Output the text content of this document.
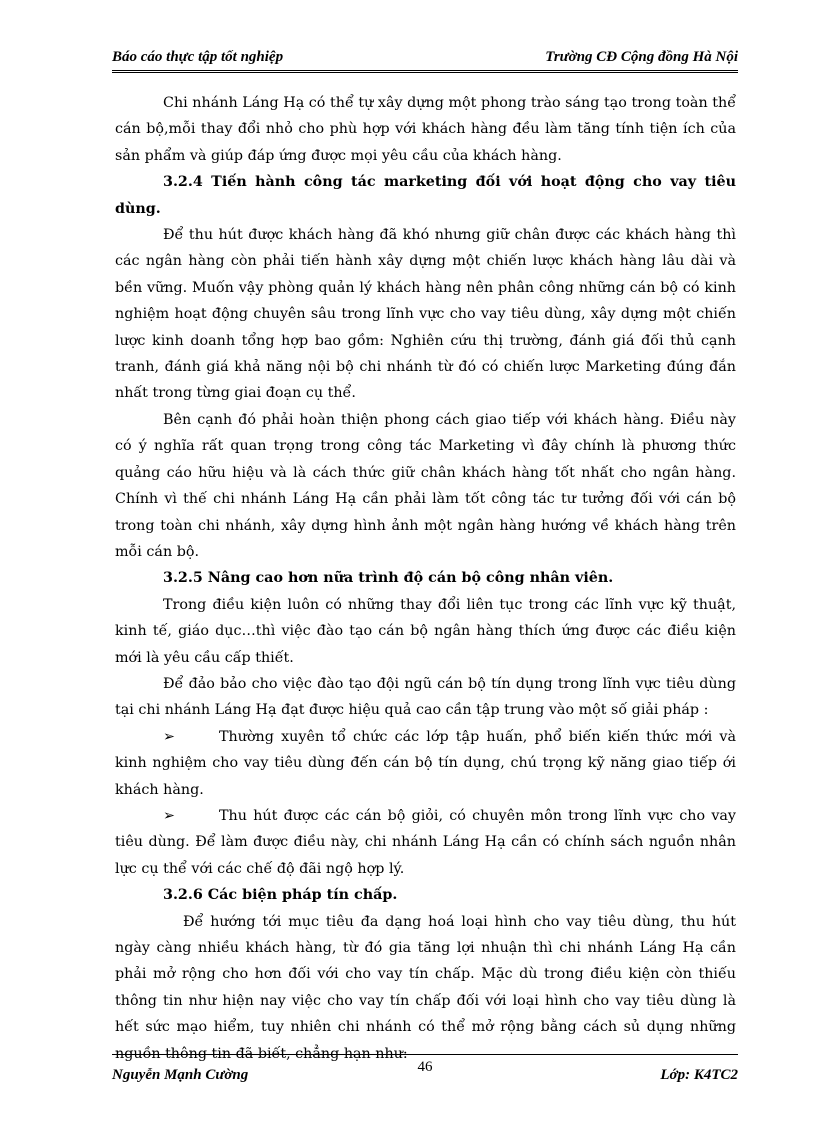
Báo cáo thực tập tốt nghiệp	Trường CĐ Cộng đồng Hà Nội

Chi nhánh Láng Hạ có thể tự xây dựng một phong trào sáng tạo trong toàn thể cán bộ,mỗi thay đổi nhỏ cho phù hợp với khách hàng đều làm tăng tính tiện ích của sản phẩm và giúp đáp ứng được mọi yêu cầu của khách hàng.

3.2.4 Tiến hành công tác marketing đối với hoạt động cho vay tiêu dùng.

Để thu hút được khách hàng đã khó nhưng giữ chân được các khách hàng thì các ngân hàng còn phải tiến hành xây dựng một chiến lược khách hàng lâu dài và bền vững. Muốn vậy phòng quản lý khách hàng nên phân công những cán bộ có kinh nghiệm hoạt động chuyên sâu trong lĩnh vực cho vay tiêu dùng, xây dựng một chiến lược kinh doanh tổng hợp bao gồm: Nghiên cứu thị trường, đánh giá đối thủ cạnh tranh, đánh giá khả năng nội bộ chi nhánh từ đó có chiến lược Marketing đúng đắn nhất trong từng giai đoạn cụ thể.

Bên cạnh đó phải hoàn thiện phong cách giao tiếp với khách hàng. Điều này có ý nghĩa rất quan trọng trong công tác Marketing vì đây chính là phương thức quảng cáo hữu hiệu và là cách thức giữ chân khách hàng tốt nhất cho ngân hàng. Chính vì thế chi nhánh Láng Hạ cần phải làm tốt công tác tư tưởng đối với cán bộ trong toàn chi nhánh, xây dựng hình ảnh một ngân hàng hướng về khách hàng trên mỗi cán bộ.

3.2.5 Nâng cao hơn nữa trình độ cán bộ công nhân viên.

Trong điều kiện luôn có những thay đổi liên tục trong các lĩnh vực kỹ thuật, kinh tế, giáo dục…thì việc đào tạo cán bộ ngân hàng thích ứng được các điều kiện mới là yêu cầu cấp thiết.

Để đảo bảo cho việc đào tạo đội ngũ cán bộ tín dụng trong lĩnh vực tiêu dùng tại chi nhánh Láng Hạ đạt được hiệu quả cao cần tập trung vào một số giải pháp :

➢	Thường xuyên tổ chức các lớp tập huấn, phổ biến kiến thức mới và kinh nghiệm cho vay tiêu dùng đến cán bộ tín dụng, chú trọng kỹ năng giao tiếp ới khách hàng.

➢	Thu hút được các cán bộ giỏi, có chuyên môn trong lĩnh vực cho vay tiêu dùng. Để làm được điều này, chi nhánh Láng Hạ cần có chính sách nguồn nhân lực cụ thể với các chế độ đãi ngộ hợp lý.

3.2.6 Các biện pháp tín chấp.

Để hướng tới mục tiêu đa dạng hoá loại hình cho vay tiêu dùng, thu hút ngày càng nhiều khách hàng, từ đó gia tăng lợi nhuận thì chi nhánh Láng Hạ cần phải mở rộng cho hơn đối với cho vay tín chấp. Mặc dù trong điều kiện còn thiếu thông tin như hiện nay việc cho vay tín chấp đối với loại hình cho vay tiêu dùng là hết sức mạo hiểm, tuy nhiên chi nhánh có thể mở rộng bằng cách sủ dụng những nguồn thông tin đã biết, chẳng hạn như:

Nguyễn Mạnh Cường	46	Lớp: K4TC2
